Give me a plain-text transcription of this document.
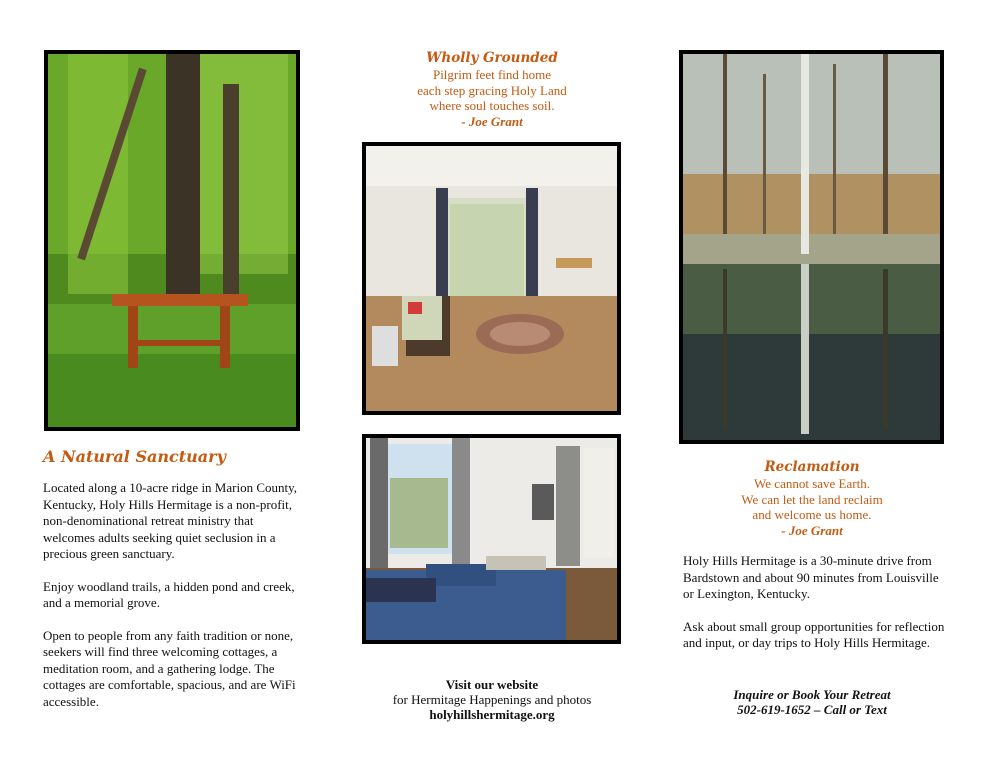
A Natural Sanctuary

Located along a 10-acre ridge in Marion County, Kentucky, Holy Hills Hermitage is a non-profit, non-denominational retreat ministry that welcomes adults seeking quiet seclusion in a precious green sanctuary.

Enjoy woodland trails, a hidden pond and creek, and a memorial grove.

Open to people from any faith tradition or none, seekers will find three welcoming cottages, a meditation room, and a gathering lodge. The cottages are comfortable, spacious, and are WiFi accessible.

Wholly Grounded
Pilgrim feet find home
each step gracing Holy Land
where soul touches soil.
- Joe Grant
Visit our website
for Hermitage Happenings and photos
holyhillshermitage.org
Reclamation
We cannot save Earth.
We can let the land reclaim
and welcome us home.
- Joe Grant

Holy Hills Hermitage is a 30-minute drive from Bardstown and about 90 minutes from Louisville or Lexington, Kentucky.

Ask about small group opportunities for reflection and input, or day trips to Holy Hills Hermitage.

Inquire or Book Your Retreat
502-619-1652 – Call or Text
